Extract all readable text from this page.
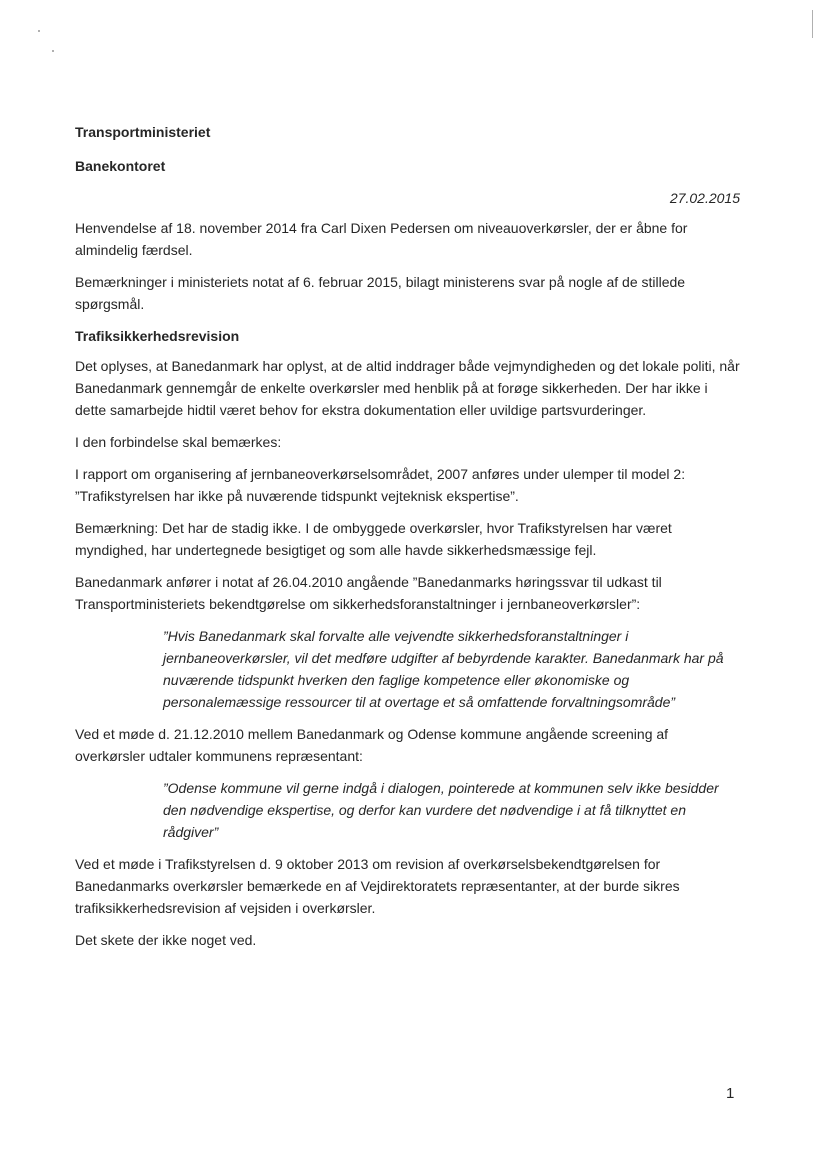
Transportministeriet
Banekontoret
27.02.2015

Henvendelse af 18. november 2014 fra Carl Dixen Pedersen om niveauoverkørsler, der er åbne for almindelig færdsel.

Bemærkninger i ministeriets notat af 6. februar 2015, bilagt ministerens svar på nogle af de stillede spørgsmål.

Trafiksikkerhedsrevision

Det oplyses, at Banedanmark har oplyst, at de altid inddrager både vejmyndigheden og det lokale politi, når Banedanmark gennemgår de enkelte overkørsler med henblik på at forøge sikkerheden. Der har ikke i dette samarbejde hidtil været behov for ekstra dokumentation eller uvildige partsvurderinger.

I den forbindelse skal bemærkes:

I rapport om organisering af jernbaneoverkørselsområdet, 2007 anføres under ulemper til model 2: ”Trafikstyrelsen har ikke på nuværende tidspunkt vejteknisk ekspertise”.

Bemærkning: Det har de stadig ikke. I de ombyggede overkørsler, hvor Trafikstyrelsen har været myndighed, har undertegnede besigtiget og som alle havde sikkerhedsmæssige fejl.

Banedanmark anfører i notat af 26.04.2010 angående ”Banedanmarks høringssvar til udkast til Transportministeriets bekendtgørelse om sikkerhedsforanstaltninger i jernbaneoverkørsler”:

”Hvis Banedanmark skal forvalte alle vejvendte sikkerhedsforanstaltninger i jernbaneoverkørsler, vil det medføre udgifter af bebyrdende karakter. Banedanmark har på nuværende tidspunkt hverken den faglige kompetence eller økonomiske og personalemæssige ressourcer til at overtage et så omfattende forvaltningsområde”

Ved et møde d. 21.12.2010 mellem Banedanmark og Odense kommune angående screening af overkørsler udtaler kommunens repræsentant:

”Odense kommune vil gerne indgå i dialogen, pointerede at kommunen selv ikke besidder den nødvendige ekspertise, og derfor kan vurdere det nødvendige i at få tilknyttet en rådgiver”

Ved et møde i Trafikstyrelsen d. 9 oktober 2013 om revision af overkørselsbekendtgørelsen for Banedanmarks overkørsler bemærkede en af Vejdirektoratets repræsentanter, at der burde sikres trafiksikkerhedsrevision af vejsiden i overkørsler.

Det skete der ikke noget ved.

1
